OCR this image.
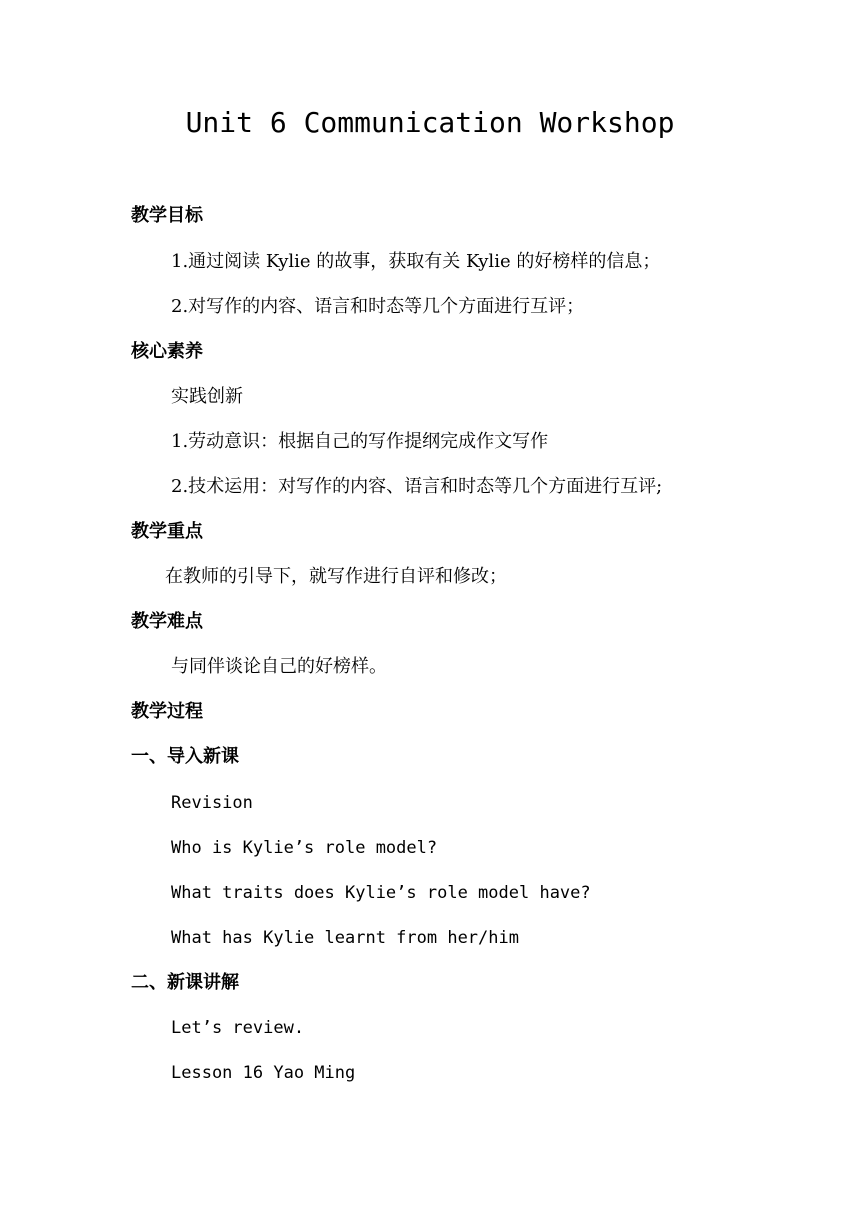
Unit 6 Communication Workshop
教学目标
1.通过阅读 Kylie 的故事，获取有关 Kylie 的好榜样的信息；
2.对写作的内容、语言和时态等几个方面进行互评；
核心素养
实践创新
1.劳动意识：根据自己的写作提纲完成作文写作
2.技术运用：对写作的内容、语言和时态等几个方面进行互评;
教学重点
在教师的引导下，就写作进行自评和修改；
教学难点
与同伴谈论自己的好榜样。
教学过程
一、导入新课
Revision
Who is Kylie’s role model?
What traits does Kylie’s role model have?
What has Kylie learnt from her/him
二、新课讲解
Let’s review.
Lesson 16 Yao Ming
